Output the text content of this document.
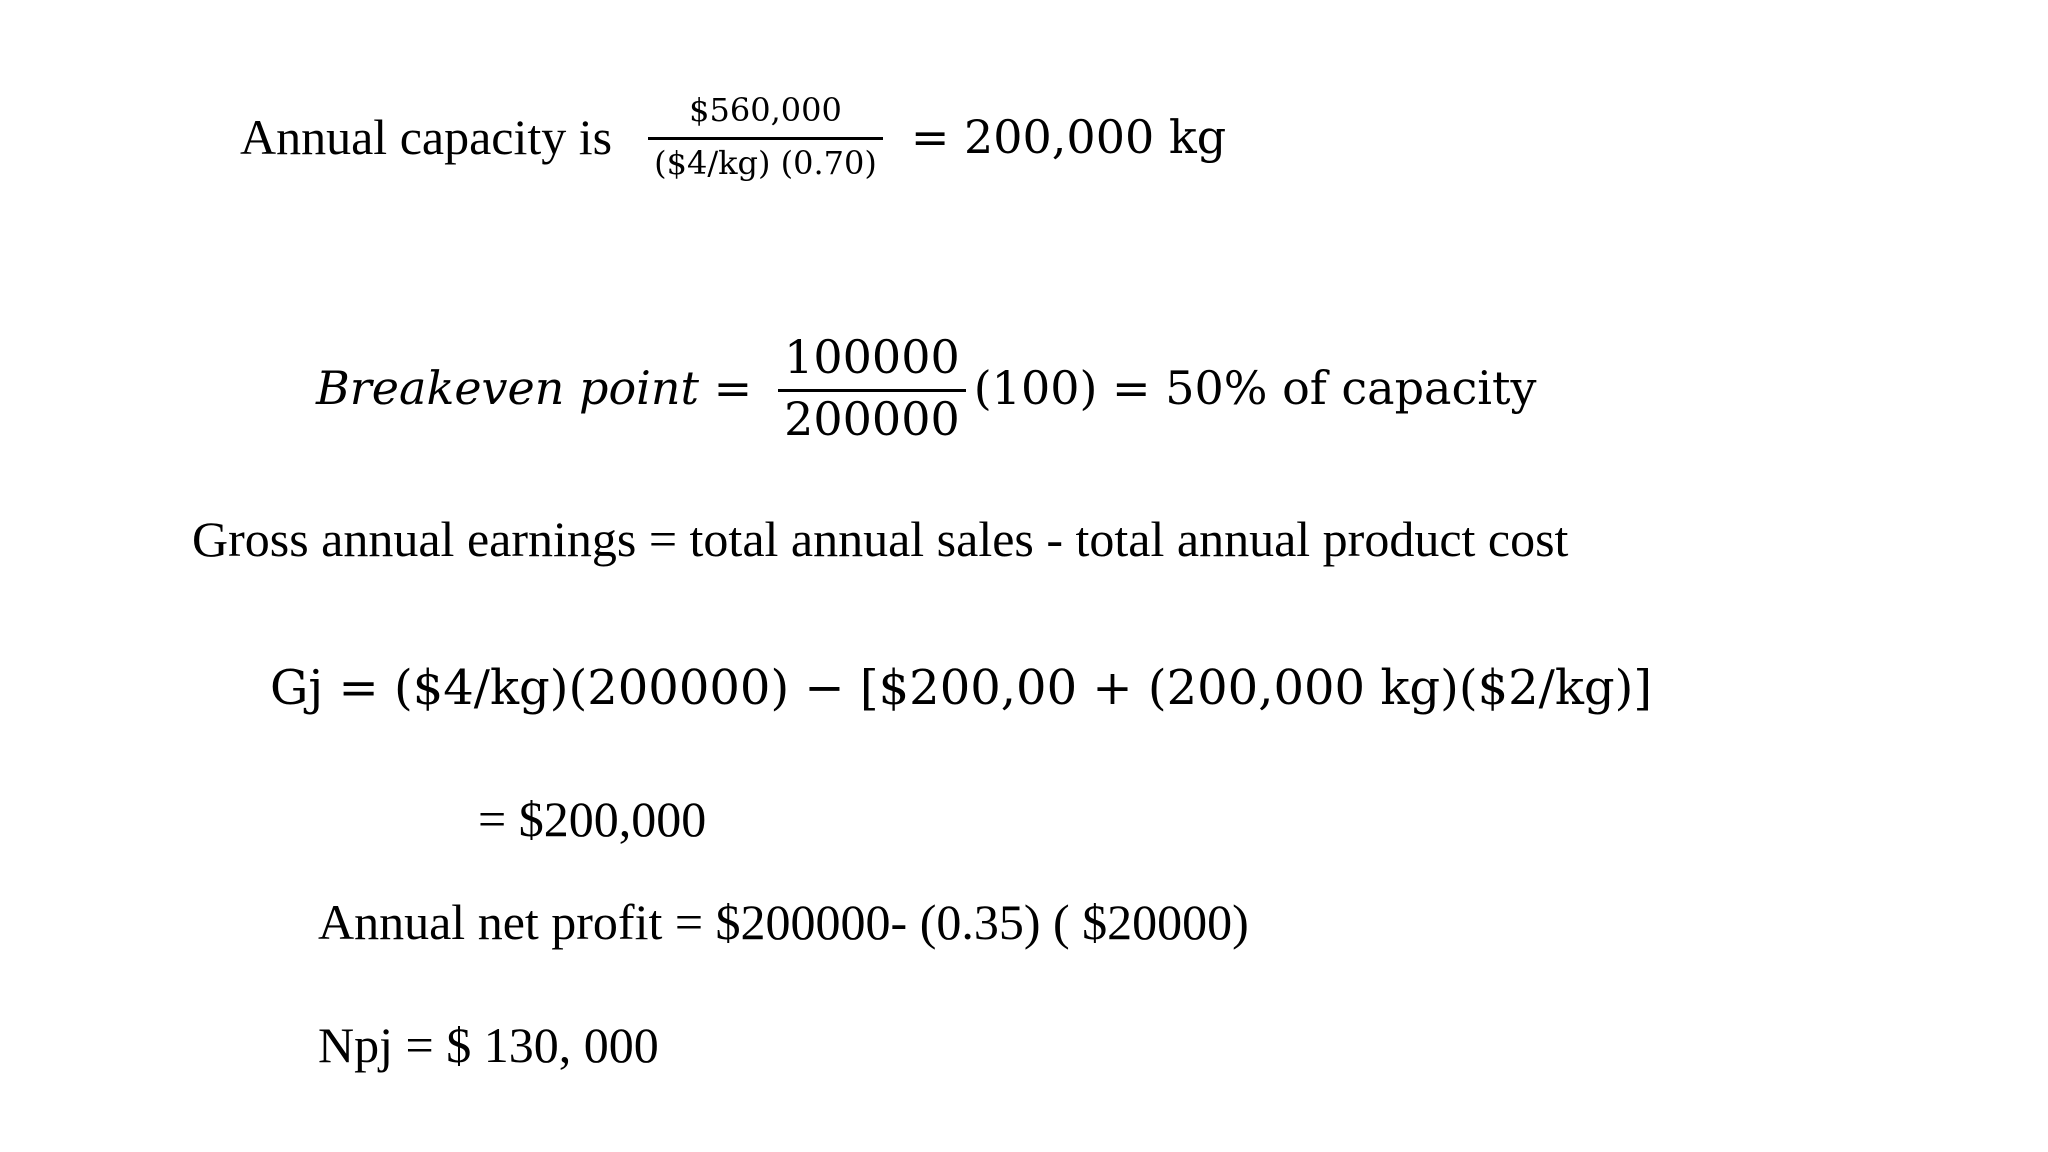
Annual capacity is $\frac{\$560,000}{(\$4/kg) (0.70)} = 200,000$ kg
Breakeven point = $\frac{100000}{200000} (100) = 50\%$ of capacity
Gross annual earnings = total annual sales - total annual product cost
Gj = ($4/kg)(200000) − [$200,00 + (200,000 kg)($2/kg)]
= $200,000
Annual net profit = $200000- (0.35) ( $20000)
Npj = $ 130, 000
